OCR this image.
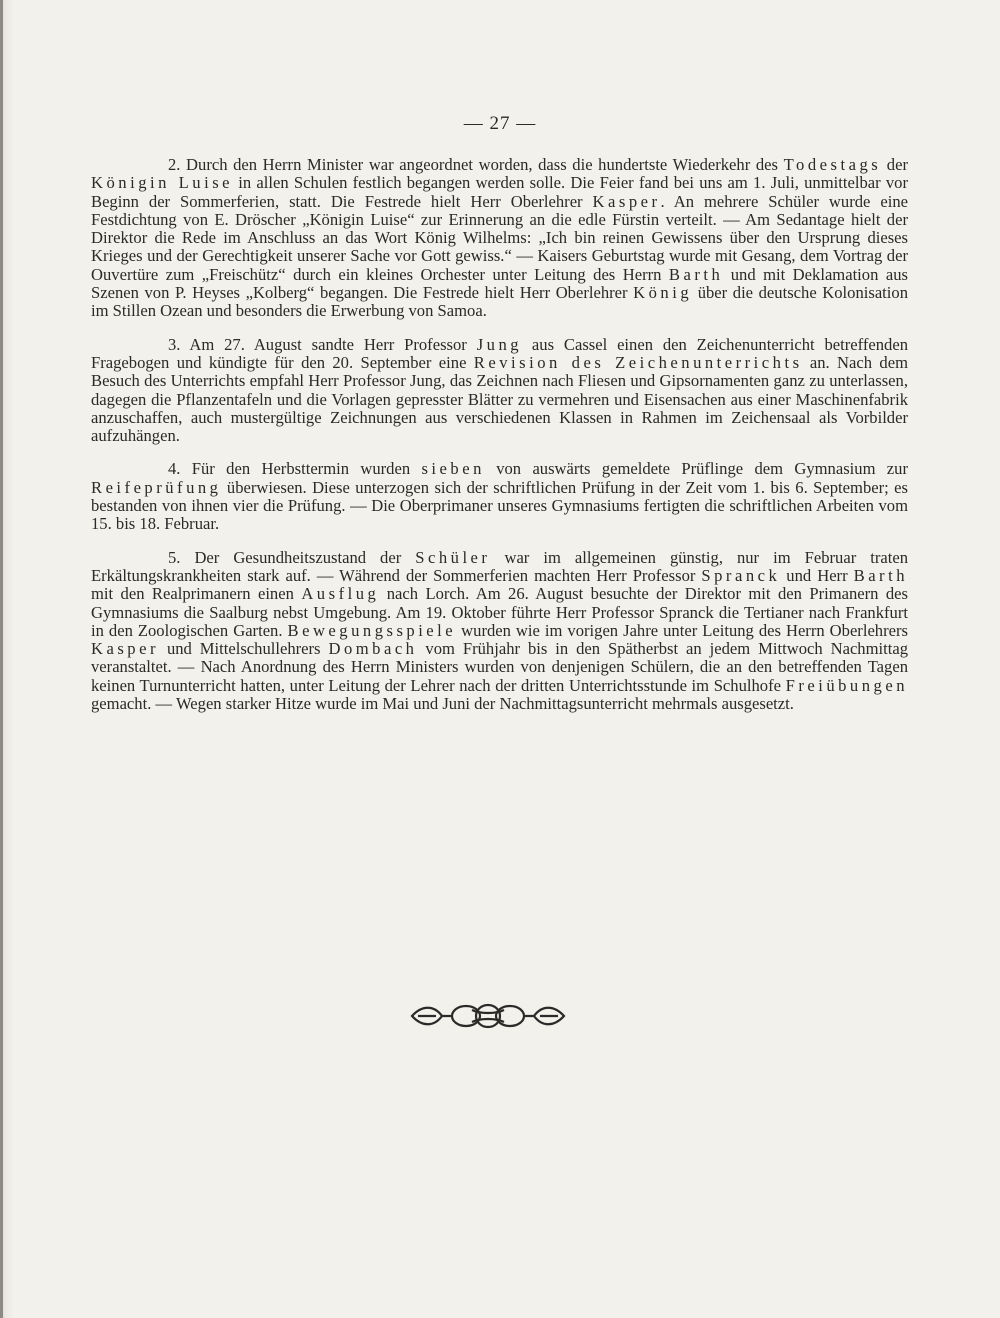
— 27 —

2. Durch den Herrn Minister war angeordnet worden, dass die hundertste Wiederkehr des Todestags der Königin Luise in allen Schulen festlich begangen werden solle. Die Feier fand bei uns am 1. Juli, unmittelbar vor Beginn der Sommerferien, statt. Die Festrede hielt Herr Oberlehrer Kasper. An mehrere Schüler wurde eine Festdichtung von E. Dröscher „Königin Luise“ zur Erinnerung an die edle Fürstin verteilt. — Am Sedantage hielt der Direktor die Rede im Anschluss an das Wort König Wilhelms: „Ich bin reinen Gewissens über den Ursprung dieses Krieges und der Gerechtigkeit unserer Sache vor Gott gewiss.“ — Kaisers Geburtstag wurde mit Gesang, dem Vortrag der Ouvertüre zum „Freischütz“ durch ein kleines Orchester unter Leitung des Herrn Barth und mit Deklamation aus Szenen von P. Heyses „Kolberg“ begangen. Die Festrede hielt Herr Oberlehrer König über die deutsche Kolonisation im Stillen Ozean und besonders die Erwerbung von Samoa.

3. Am 27. August sandte Herr Professor Jung aus Cassel einen den Zeichenunterricht betreffenden Fragebogen und kündigte für den 20. September eine Revision des Zeichenunterrichts an. Nach dem Besuch des Unterrichts empfahl Herr Professor Jung, das Zeichnen nach Fliesen und Gipsornamenten ganz zu unterlassen, dagegen die Pflanzentafeln und die Vorlagen gepresster Blätter zu vermehren und Eisensachen aus einer Maschinenfabrik anzuschaffen, auch mustergültige Zeichnungen aus verschiedenen Klassen in Rahmen im Zeichensaal als Vorbilder aufzuhängen.

4. Für den Herbsttermin wurden sieben von auswärts gemeldete Prüflinge dem Gymnasium zur Reifeprüfung überwiesen. Diese unterzogen sich der schriftlichen Prüfung in der Zeit vom 1. bis 6. September; es bestanden von ihnen vier die Prüfung. — Die Oberprimaner unseres Gymnasiums fertigten die schriftlichen Arbeiten vom 15. bis 18. Februar.

5. Der Gesundheitszustand der Schüler war im allgemeinen günstig, nur im Februar traten Erkältungskrankheiten stark auf. — Während der Sommerferien machten Herr Professor Spranck und Herr Barth mit den Realprimanern einen Ausflug nach Lorch. Am 26. August besuchte der Direktor mit den Primanern des Gymnasiums die Saalburg nebst Umgebung. Am 19. Oktober führte Herr Professor Spranck die Tertianer nach Frankfurt in den Zoologischen Garten. Bewegungsspiele wurden wie im vorigen Jahre unter Leitung des Herrn Oberlehrers Kasper und Mittelschullehrers Dombach vom Frühjahr bis in den Spätherbst an jedem Mittwoch Nachmittag veranstaltet. — Nach Anordnung des Herrn Ministers wurden von denjenigen Schülern, die an den betreffenden Tagen keinen Turnunterricht hatten, unter Leitung der Lehrer nach der dritten Unterrichtsstunde im Schulhofe Freiübungen gemacht. — Wegen starker Hitze wurde im Mai und Juni der Nachmittagsunterricht mehrmals ausgesetzt.
